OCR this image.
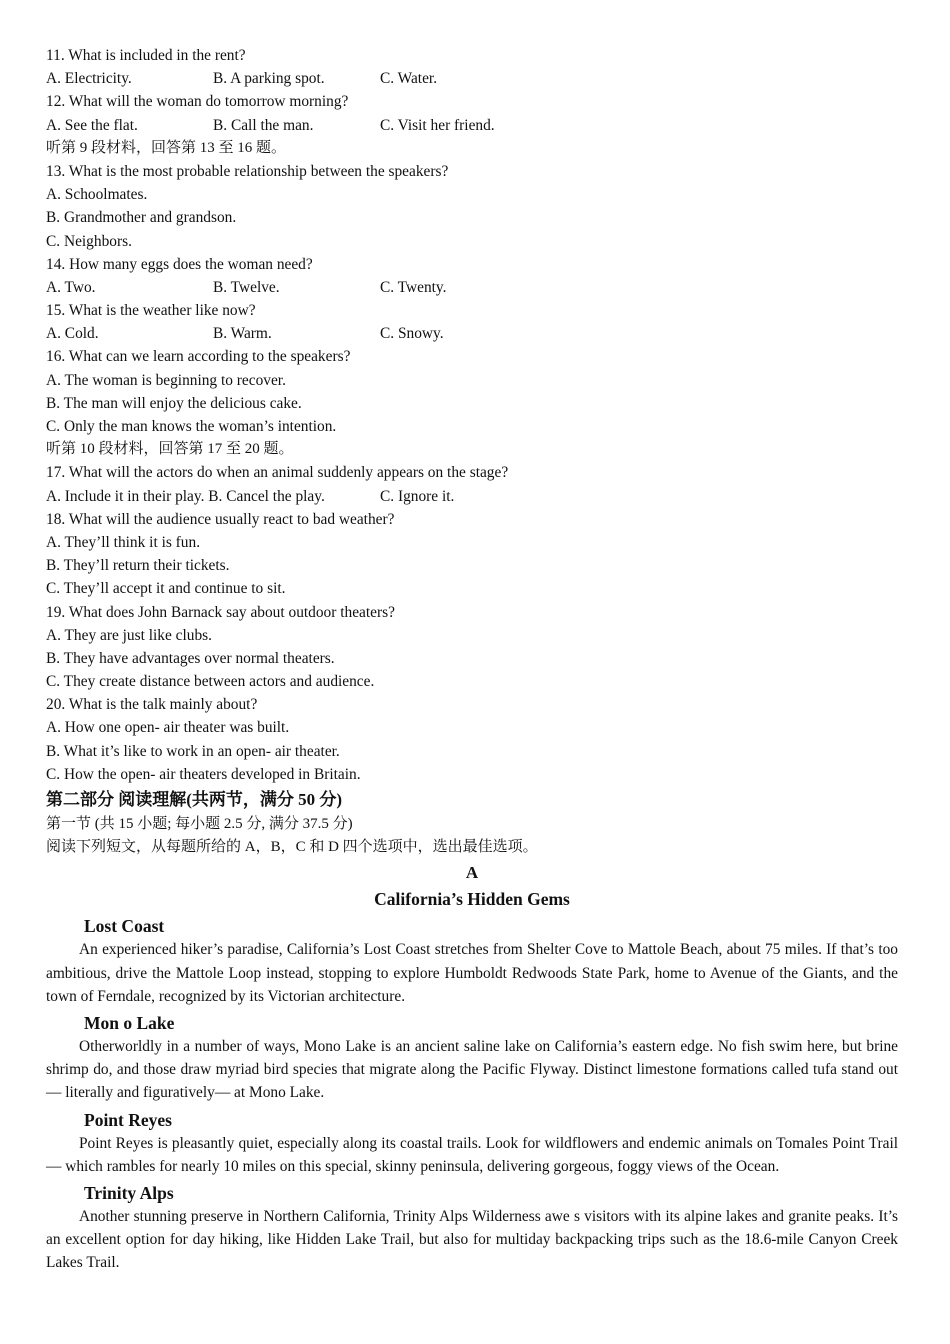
11. What is included in the rent?
A. Electricity.	B. A parking spot.	C. Water.
12. What will the woman do tomorrow morning?
A. See the flat.	B. Call the man.	C. Visit her friend.
听第 9 段材料，回答第 13 至 16 题。
13. What is the most probable relationship between the speakers?
A. Schoolmates.
B. Grandmother and grandson.
C. Neighbors.
14. How many eggs does the woman need?
A. Two.	B. Twelve.	C. Twenty.
15. What is the weather like now?
A. Cold.	B. Warm.	C. Snowy.
16. What can we learn according to the speakers?
A. The woman is beginning to recover.
B. The man will enjoy the delicious cake.
C. Only the man knows the woman’s intention.
听第 10 段材料，回答第 17 至 20 题。
17. What will the actors do when an animal suddenly appears on the stage?
A. Include it in their play. B. Cancel the play.	C. Ignore it.
18. What will the audience usually react to bad weather?
A. They’ll think it is fun.
B. They’ll return their tickets.
C. They’ll accept it and continue to sit.
19. What does John Barnack say about outdoor theaters?
A. They are just like clubs.
B. They have advantages over normal theaters.
C. They create distance between actors and audience.
20. What is the talk mainly about?
A. How one open- air theater was built.
B. What it’s like to work in an open- air theater.
C. How the open- air theaters developed in Britain.
第二部分 阅读理解(共两节，满分 50 分)
第一节 (共 15 小题; 每小题 2.5 分, 满分 37.5 分)
阅读下列短文，从每题所给的 A，B，C 和 D 四个选项中，选出最佳选项。
A
California’s Hidden Gems
Lost Coast
An experienced hiker’s paradise, California’s Lost Coast stretches from Shelter Cove to Mattole Beach, about 75 miles. If that’s too ambitious, drive the Mattole Loop instead, stopping to explore Humboldt Redwoods State Park, home to Avenue of the Giants, and the town of Ferndale, recognized by its Victorian architecture.
Mon o Lake
Otherworldly in a number of ways, Mono Lake is an ancient saline lake on California’s eastern edge. No fish swim here, but brine shrimp do, and those draw myriad bird species that migrate along the Pacific Flyway. Distinct limestone formations called tufa stand out— literally and figuratively— at Mono Lake.
Point Reyes
Point Reyes is pleasantly quiet, especially along its coastal trails. Look for wildflowers and endemic animals on Tomales Point Trail— which rambles for nearly 10 miles on this special, skinny peninsula, delivering gorgeous, foggy views of the Ocean.
Trinity Alps
Another stunning preserve in Northern California, Trinity Alps Wilderness awe s visitors with its alpine lakes and granite peaks. It’s an excellent option for day hiking, like Hidden Lake Trail, but also for multiday backpacking trips such as the 18.6-mile Canyon Creek Lakes Trail.
